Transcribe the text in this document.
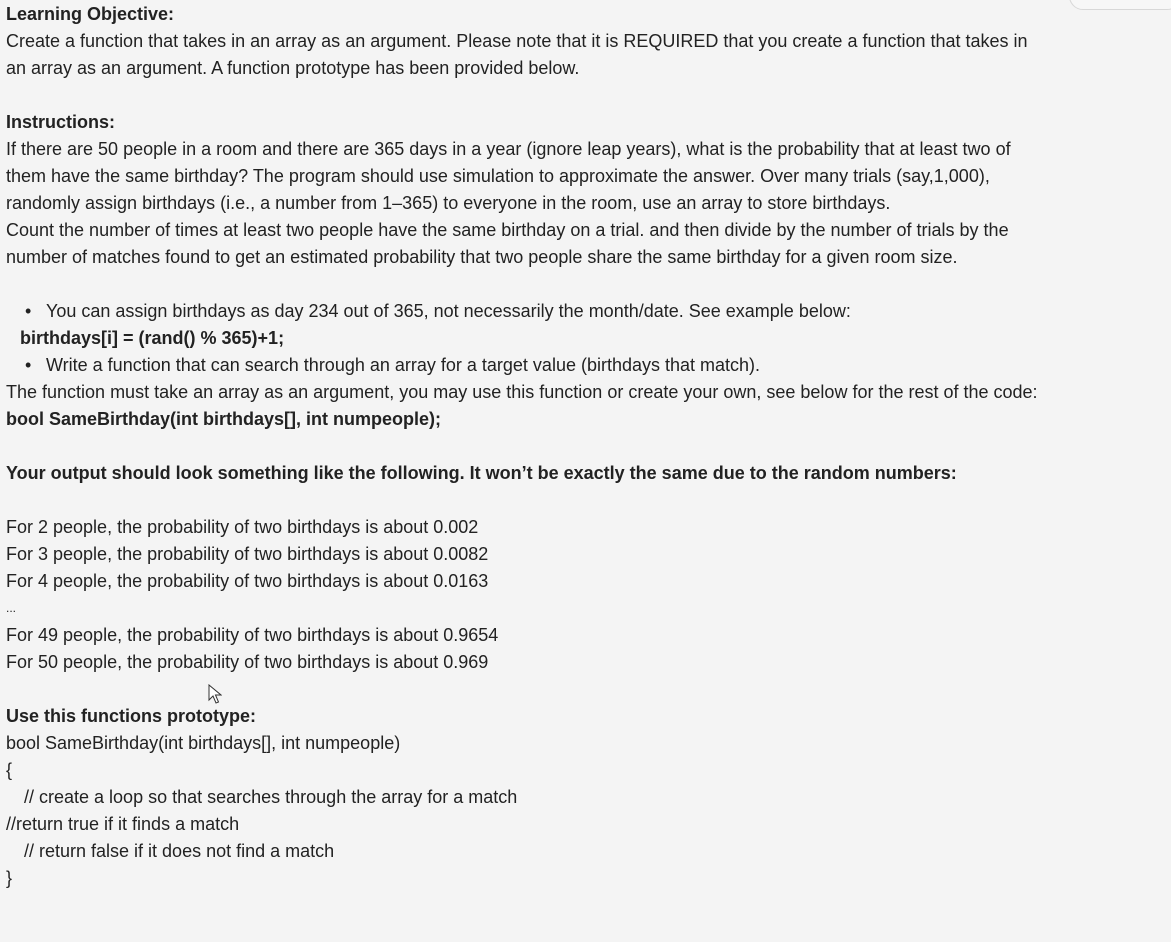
Learning Objective:
Create a function that takes in an array as an argument. Please note that it is REQUIRED that you create a function that takes in
an array as an argument. A function prototype has been provided below.
Instructions:
If there are 50 people in a room and there are 365 days in a year (ignore leap years), what is the probability that at least two of
them have the same birthday? The program should use simulation to approximate the answer. Over many trials (say,1,000),
randomly assign birthdays (i.e., a number from 1–365) to everyone in the room, use an array to store birthdays.
Count the number of times at least two people have the same birthday on a trial. and then divide by the number of trials by the
number of matches found to get an estimated probability that two people share the same birthday for a given room size.
• You can assign birthdays as day 234 out of 365, not necessarily the month/date. See example below:
birthdays[i] = (rand() % 365)+1;
• Write a function that can search through an array for a target value (birthdays that match).
The function must take an array as an argument, you may use this function or create your own, see below for the rest of the code:
bool SameBirthday(int birthdays[], int numpeople);
Your output should look something like the following. It won’t be exactly the same due to the random numbers:
For 2 people, the probability of two birthdays is about 0.002
For 3 people, the probability of two birthdays is about 0.0082
For 4 people, the probability of two birthdays is about 0.0163
...
For 49 people, the probability of two birthdays is about 0.9654
For 50 people, the probability of two birthdays is about 0.969
Use this functions prototype:
bool SameBirthday(int birthdays[], int numpeople)
{
// create a loop so that searches through the array for a match
//return true if it finds a match
// return false if it does not find a match
}
